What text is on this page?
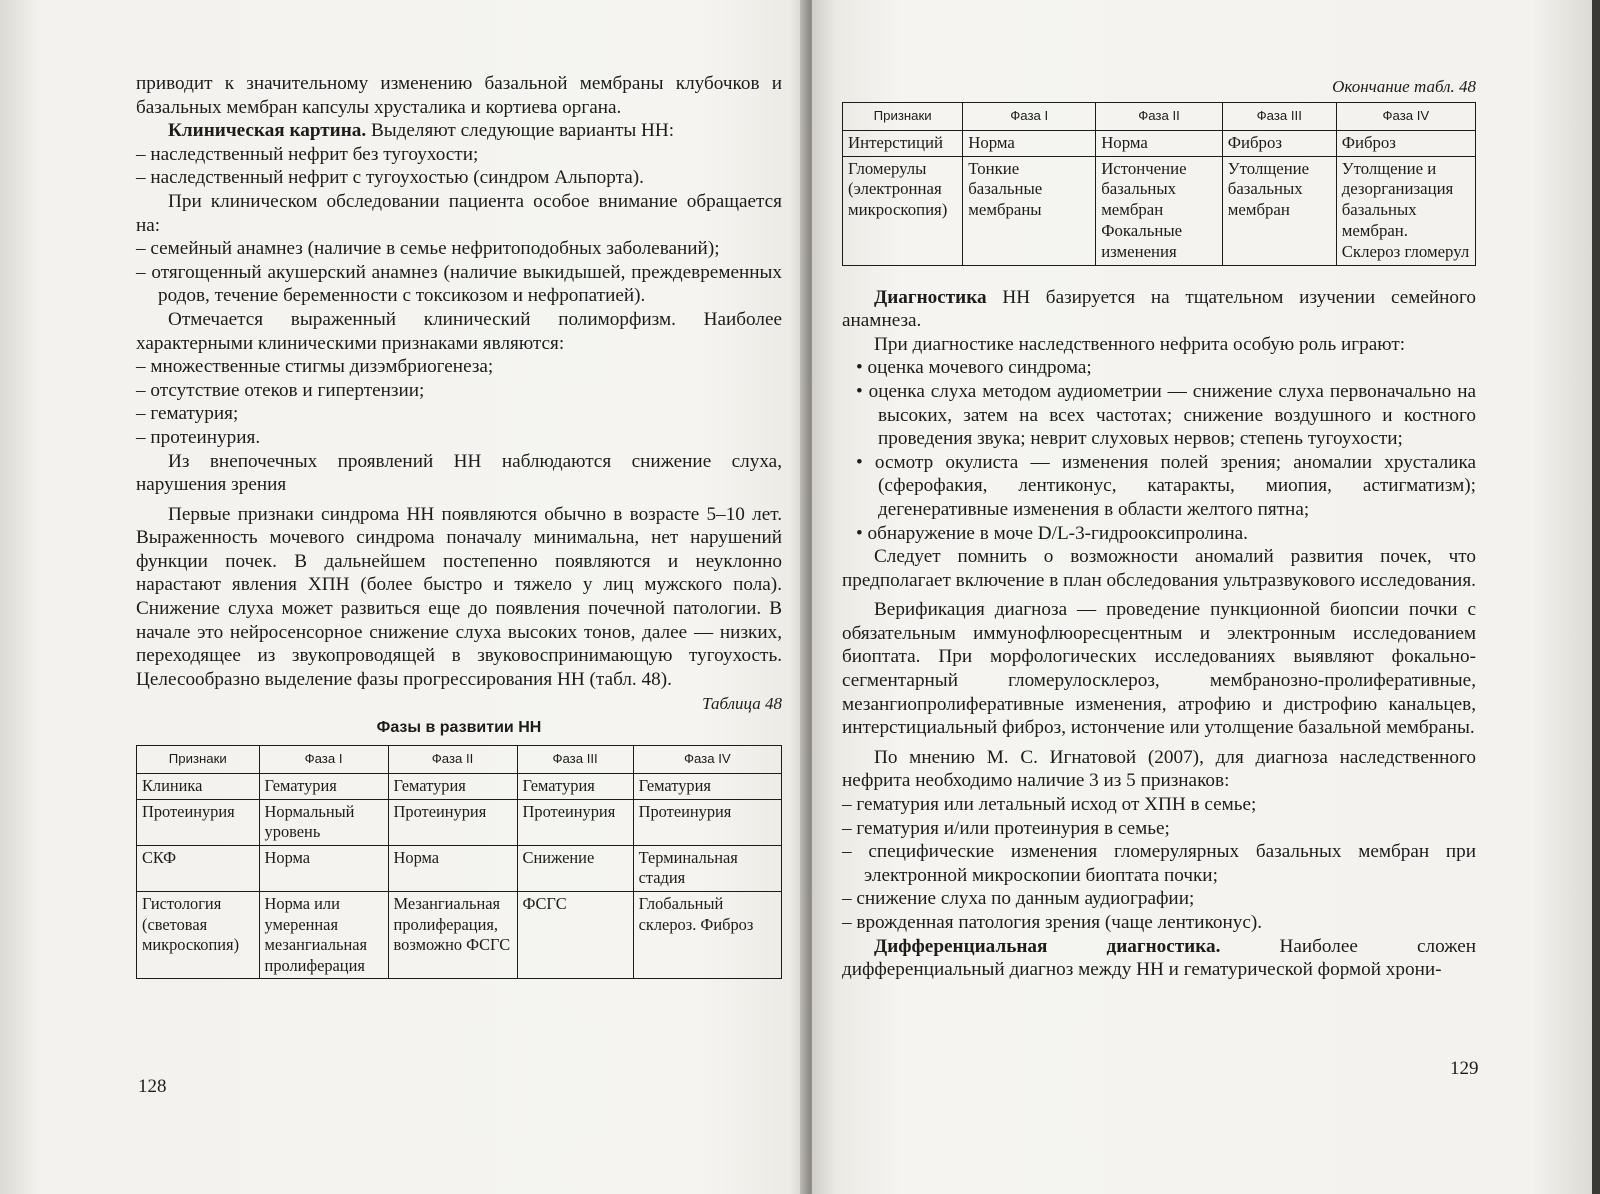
приводит к значительному изменению базальной мембраны клубочков и базальных мембран капсулы хрусталика и кортиева органа.

Клиническая картина. Выделяют следующие варианты НН:

– наследственный нефрит без тугоухости;

– наследственный нефрит с тугоухостью (синдром Альпорта).

При клиническом обследовании пациента особое внимание обращается на:

– семейный анамнез (наличие в семье нефритоподобных заболеваний);

– отягощенный акушерский анамнез (наличие выкидышей, преждевременных родов, течение беременности с токсикозом и нефропатией).

Отмечается выраженный клинический полиморфизм. Наиболее характерными клиническими признаками являются:

– множественные стигмы дизэмбриогенеза;

– отсутствие отеков и гипертензии;

– гематурия;

– протеинурия.

Из внепочечных проявлений НН наблюдаются снижение слуха, нарушения зрения

Первые признаки синдрома НН появляются обычно в возрасте 5–10 лет. Выраженность мочевого синдрома поначалу минимальна, нет нарушений функции почек. В дальнейшем постепенно появляются и неуклонно нарастают явления ХПН (более быстро и тяжело у лиц мужского пола). Снижение слуха может развиться еще до появления почечной патологии. В начале это нейросенсорное снижение слуха высоких тонов, далее — низких, переходящее из звукопроводящей в звуковоспринимающую тугоухость. Целесообразно выделение фазы прогрессирования НН (табл. 48).

Таблица 48
Фазы в развитии НН
Признаки	Фаза I	Фаза II	Фаза III	Фаза IV
Клиника	Гематурия	Гематурия	Гематурия	Гематурия
Протеинурия	Нормальный уровень	Протеинурия	Протеинурия	Протеинурия
СКФ	Норма	Норма	Снижение	Терминальная стадия
Гистология (световая микроскопия)	Норма или умеренная мезангиальная пролиферация	Мезангиальная пролиферация, возможно ФСГС	ФСГС	Глобальный склероз. Фиброз
128
Окончание табл. 48
Признаки	Фаза I	Фаза II	Фаза III	Фаза IV
Интерстиций	Норма	Норма	Фиброз	Фиброз
Гломерулы (электронная микроскопия)	Тонкие базальные мембраны	Истончение базальных мембран Фокальные изменения	Утолщение базальных мембран	Утолщение и дезорганизация базальных мембран. Склероз гломерул

Диагностика НН базируется на тщательном изучении семейного анамнеза.

При диагностике наследственного нефрита особую роль играют:

• оценка мочевого синдрома;

• оценка слуха методом аудиометрии — снижение слуха первоначально на высоких, затем на всех частотах; снижение воздушного и костного проведения звука; неврит слуховых нервов; степень тугоухости;

• осмотр окулиста — изменения полей зрения; аномалии хрусталика (сферофакия, лентиконус, катаракты, миопия, астигматизм); дегенеративные изменения в области желтого пятна;

• обнаружение в моче D/L-3-гидрооксипролина.

Следует помнить о возможности аномалий развития почек, что предполагает включение в план обследования ультразвукового исследования.

Верификация диагноза — проведение пункционной биопсии почки с обязательным иммунофлюоресцентным и электронным исследованием биоптата. При морфологических исследованиях выявляют фокально-сегментарный гломерулосклероз, мембранозно-пролиферативные, мезангиопролиферативные изменения, атрофию и дистрофию канальцев, интерстициальный фиброз, истончение или утолщение базальной мембраны.

По мнению М. С. Игнатовой (2007), для диагноза наследственного нефрита необходимо наличие 3 из 5 признаков:

– гематурия или летальный исход от ХПН в семье;

– гематурия и/или протеинурия в семье;

– специфические изменения гломерулярных базальных мембран при электронной микроскопии биоптата почки;

– снижение слуха по данным аудиографии;

– врожденная патология зрения (чаще лентиконус).

Дифференциальная диагностика. Наиболее сложен дифференциальный диагноз между НН и гематурической формой хрони-

129
